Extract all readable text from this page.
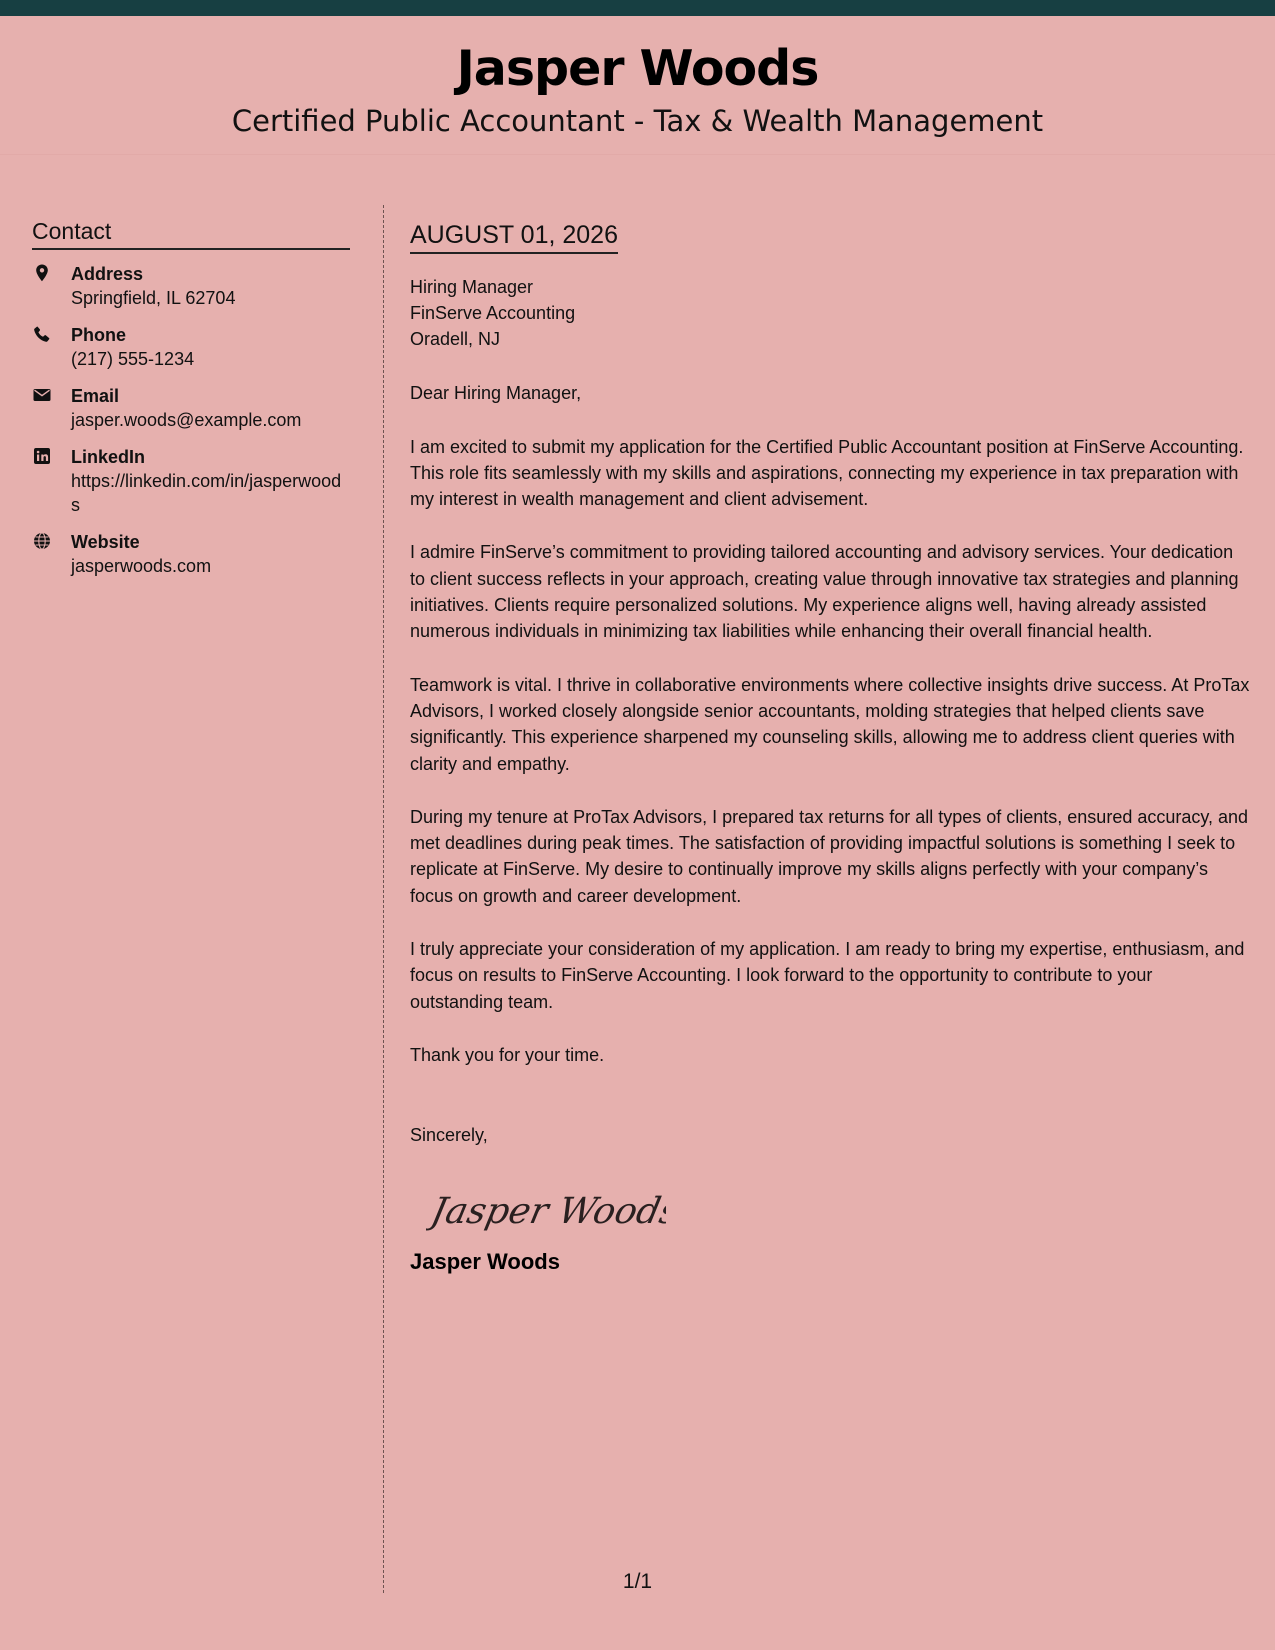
Jasper Woods
Certified Public Accountant - Tax & Wealth Management
Contact
Address
Springfield, IL 62704
Phone
(217) 555-1234
Email
jasper.woods@example.com
LinkedIn
https://linkedin.com/in/jasperwoods
Website
jasperwoods.com
AUGUST 01, 2026
Hiring Manager
FinServe Accounting
Oradell, NJ

Dear Hiring Manager,

I am excited to submit my application for the Certified Public Accountant position at FinServe Accounting. This role fits seamlessly with my skills and aspirations, connecting my experience in tax preparation with my interest in wealth management and client advisement.

I admire FinServe’s commitment to providing tailored accounting and advisory services. Your dedication to client success reflects in your approach, creating value through innovative tax strategies and planning initiatives. Clients require personalized solutions. My experience aligns well, having already assisted numerous individuals in minimizing tax liabilities while enhancing their overall financial health.

Teamwork is vital. I thrive in collaborative environments where collective insights drive success. At ProTax Advisors, I worked closely alongside senior accountants, molding strategies that helped clients save significantly. This experience sharpened my counseling skills, allowing me to address client queries with clarity and empathy.

During my tenure at ProTax Advisors, I prepared tax returns for all types of clients, ensured accuracy, and met deadlines during peak times. The satisfaction of providing impactful solutions is something I seek to replicate at FinServe. My desire to continually improve my skills aligns perfectly with your company’s focus on growth and career development.

I truly appreciate your consideration of my application. I am ready to bring my expertise, enthusiasm, and focus on results to FinServe Accounting. I look forward to the opportunity to contribute to your outstanding team.

Thank you for your time.

Sincerely,
Jasper Woods
Jasper Woods
1/1
